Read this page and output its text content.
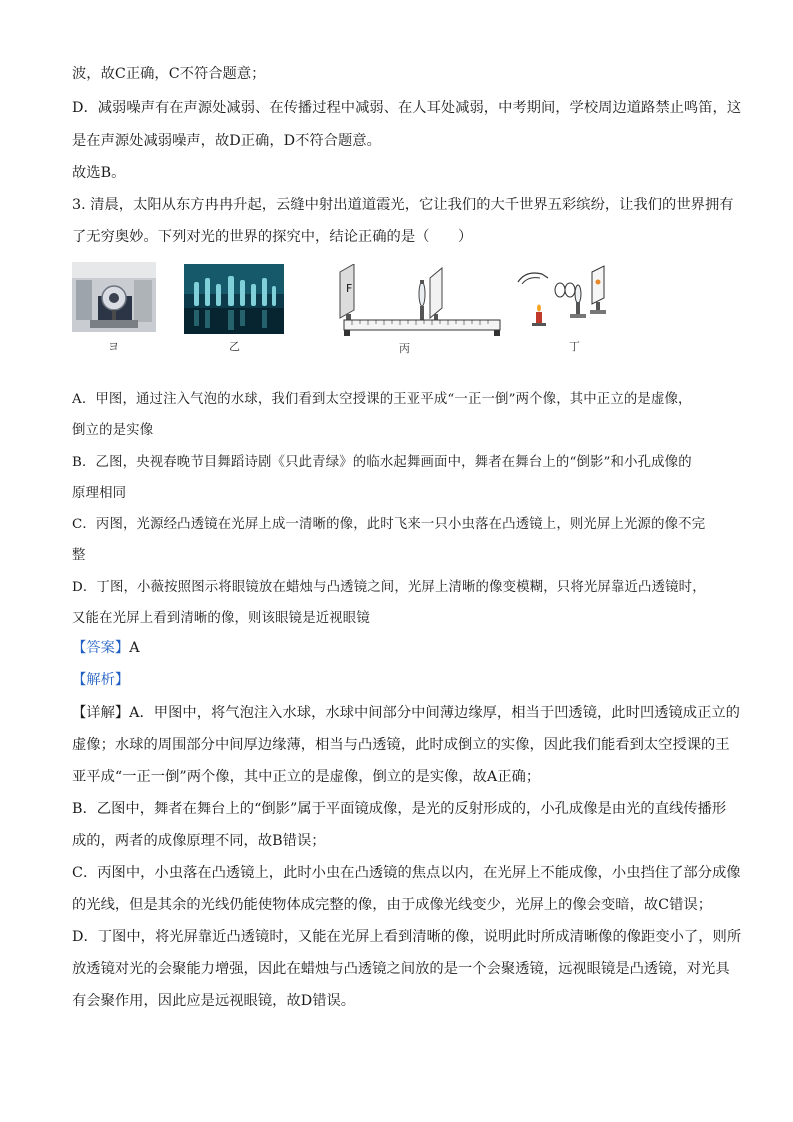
波，故C正确，C不符合题意；
D．减弱噪声有在声源处减弱、在传播过程中减弱、在人耳处减弱，中考期间，学校周边道路禁止鸣笛，这
是在声源处减弱噪声，故D正确，D不符合题意。
故选B。
3. 清晨，太阳从东方冉冉升起，云缝中射出道道霞光，它让我们的大千世界五彩缤纷，让我们的世界拥有
了无穷奥妙。下列对光的世界的探究中，结论正确的是（　　）
ヨ	乙
F
丙	丁
A．甲图，通过注入气泡的水球，我们看到太空授课的王亚平成“一正一倒”两个像，其中正立的是虚像，
倒立的是实像
B．乙图，央视春晚节目舞蹈诗剧《只此青绿》的临水起舞画面中，舞者在舞台上的“倒影”和小孔成像的
原理相同
C．丙图，光源经凸透镜在光屏上成一清晰的像，此时飞来一只小虫落在凸透镜上，则光屏上光源的像不完
整
D．丁图，小薇按照图示将眼镜放在蜡烛与凸透镜之间，光屏上清晰的像变模糊，只将光屏靠近凸透镜时，
又能在光屏上看到清晰的像，则该眼镜是近视眼镜
【答案】A
【解析】
【详解】A．甲图中，将气泡注入水球，水球中间部分中间薄边缘厚，相当于凹透镜，此时凹透镜成正立的
虚像；水球的周围部分中间厚边缘薄，相当与凸透镜，此时成倒立的实像，因此我们能看到太空授课的王
亚平成“一正一倒”两个像，其中正立的是虚像，倒立的是实像，故A正确；
B．乙图中，舞者在舞台上的“倒影”属于平面镜成像，是光的反射形成的，小孔成像是由光的直线传播形
成的，两者的成像原理不同，故B错误；
C．丙图中，小虫落在凸透镜上，此时小虫在凸透镜的焦点以内，在光屏上不能成像，小虫挡住了部分成像
的光线，但是其余的光线仍能使物体成完整的像，由于成像光线变少，光屏上的像会变暗，故C错误；
D．丁图中，将光屏靠近凸透镜时，又能在光屏上看到清晰的像，说明此时所成清晰像的像距变小了，则所
放透镜对光的会聚能力增强，因此在蜡烛与凸透镜之间放的是一个会聚透镜，远视眼镜是凸透镜，对光具
有会聚作用，因此应是远视眼镜，故D错误。
